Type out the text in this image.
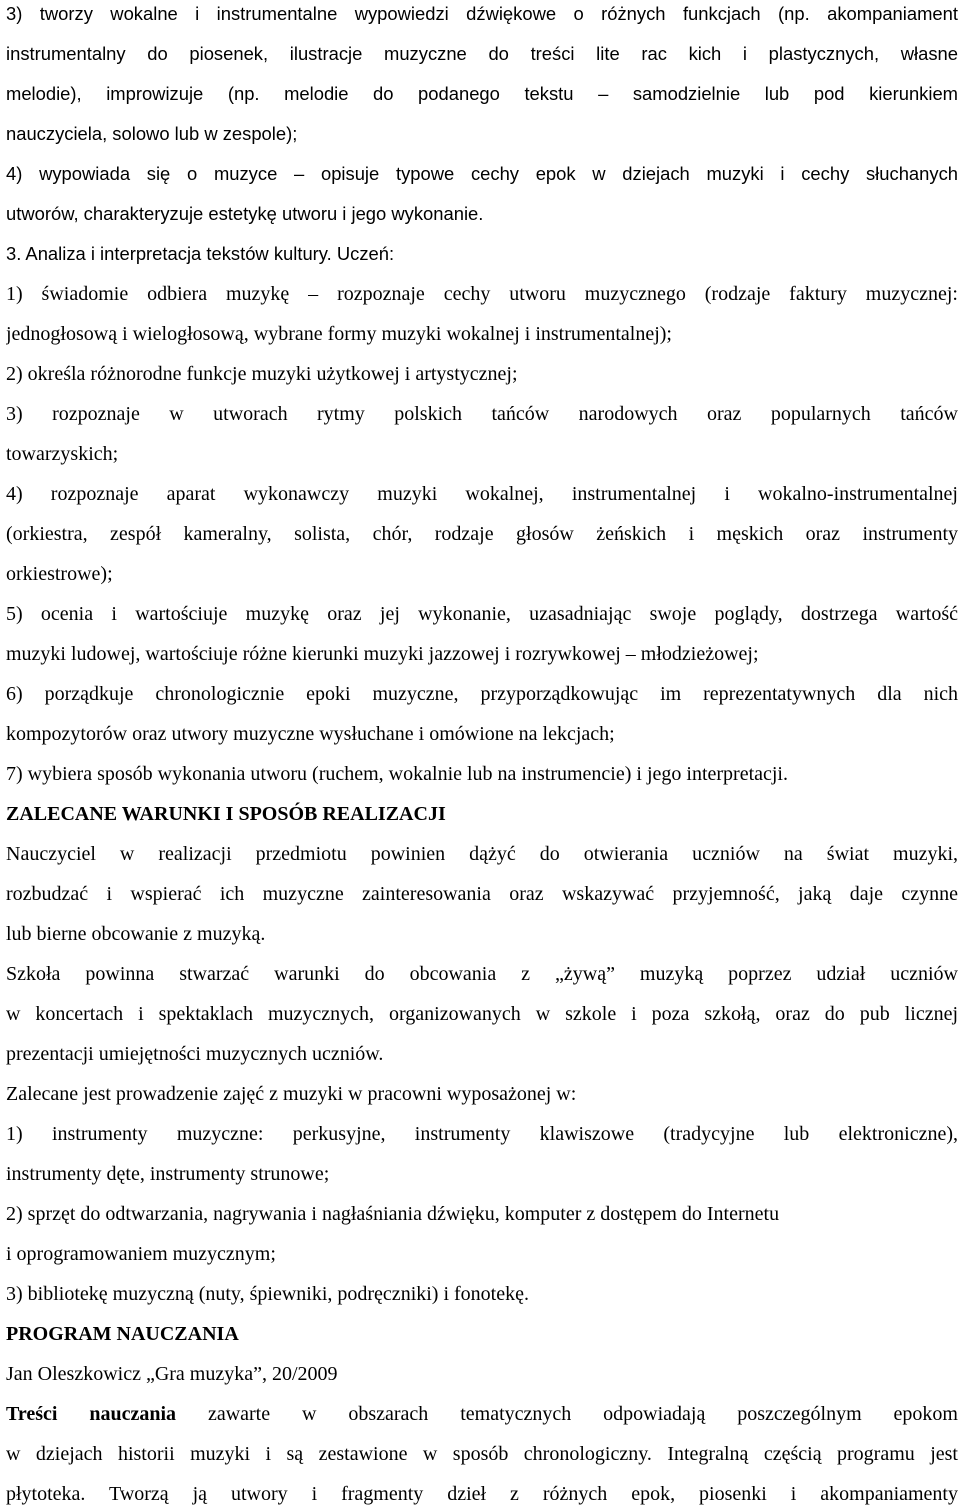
3) tworzy wokalne i instrumentalne wypowiedzi dźwiękowe o różnych funkcjach (np. akompaniament
instrumentalny do piosenek, ilustracje muzyczne do treści lite rac kich i plastycznych, własne
melodie), improwizuje (np. melodie do podanego tekstu – samodzielnie lub pod kierunkiem
nauczyciela, solowo lub w zespole);
4) wypowiada się o muzyce – opisuje typowe cechy epok w dziejach muzyki i cechy słuchanych
utworów, charakteryzuje estetykę utworu i jego wykonanie.
3. Analiza i interpretacja tekstów kultury. Uczeń:
1) świadomie odbiera muzykę – rozpoznaje cechy utworu muzycznego (rodzaje faktury muzycznej:
jednogłosową i wielogłosową, wybrane formy muzyki wokalnej i instrumentalnej);
2) określa różnorodne funkcje muzyki użytkowej i artystycznej;
3) rozpoznaje w utworach rytmy polskich tańców narodowych oraz popularnych tańców
towarzyskich;
4) rozpoznaje aparat wykonawczy muzyki wokalnej, instrumentalnej i wokalno-instrumentalnej
(orkiestra, zespół kameralny, solista, chór, rodzaje głosów żeńskich i męskich oraz instrumenty
orkiestrowe);
5) ocenia i wartościuje muzykę oraz jej wykonanie, uzasadniając swoje poglądy, dostrzega wartość
muzyki ludowej, wartościuje różne kierunki muzyki jazzowej i rozrywkowej – młodzieżowej;
6) porządkuje chronologicznie epoki muzyczne, przyporządkowując im reprezentatywnych dla nich
kompozytorów oraz utwory muzyczne wysłuchane i omówione na lekcjach;
7) wybiera sposób wykonania utworu (ruchem, wokalnie lub na instrumencie) i jego interpretacji.
ZALECANE WARUNKI I SPOSÓB REALIZACJI
Nauczyciel w realizacji przedmiotu powinien dążyć do otwierania uczniów na świat muzyki,
rozbudzać i wspierać ich muzyczne zainteresowania oraz wskazywać przyjemność, jaką daje czynne
lub bierne obcowanie z muzyką.
Szkoła powinna stwarzać warunki do obcowania z „żywą” muzyką poprzez udział uczniów
w koncertach i spektaklach muzycznych, organizowanych w szkole i poza szkołą, oraz do pub licznej
prezentacji umiejętności muzycznych uczniów.
Zalecane jest prowadzenie zajęć z muzyki w pracowni wyposażonej w:
1) instrumenty muzyczne: perkusyjne, instrumenty klawiszowe (tradycyjne lub elektroniczne),
instrumenty dęte, instrumenty strunowe;
2) sprzęt do odtwarzania, nagrywania i nagłaśniania dźwięku, komputer z dostępem do Internetu
i oprogramowaniem muzycznym;
3) bibliotekę muzyczną (nuty, śpiewniki, podręczniki) i fonotekę.
PROGRAM NAUCZANIA
Jan Oleszkowicz „Gra muzyka”, 20/2009
Treści nauczania zawarte w obszarach tematycznych odpowiadają poszczególnym epokom
w dziejach historii muzyki i są zestawione w sposób chronologiczny. Integralną częścią programu jest
płytoteka. Tworzą ją utwory i fragmenty dzieł z różnych epok, piosenki i akompaniamenty
